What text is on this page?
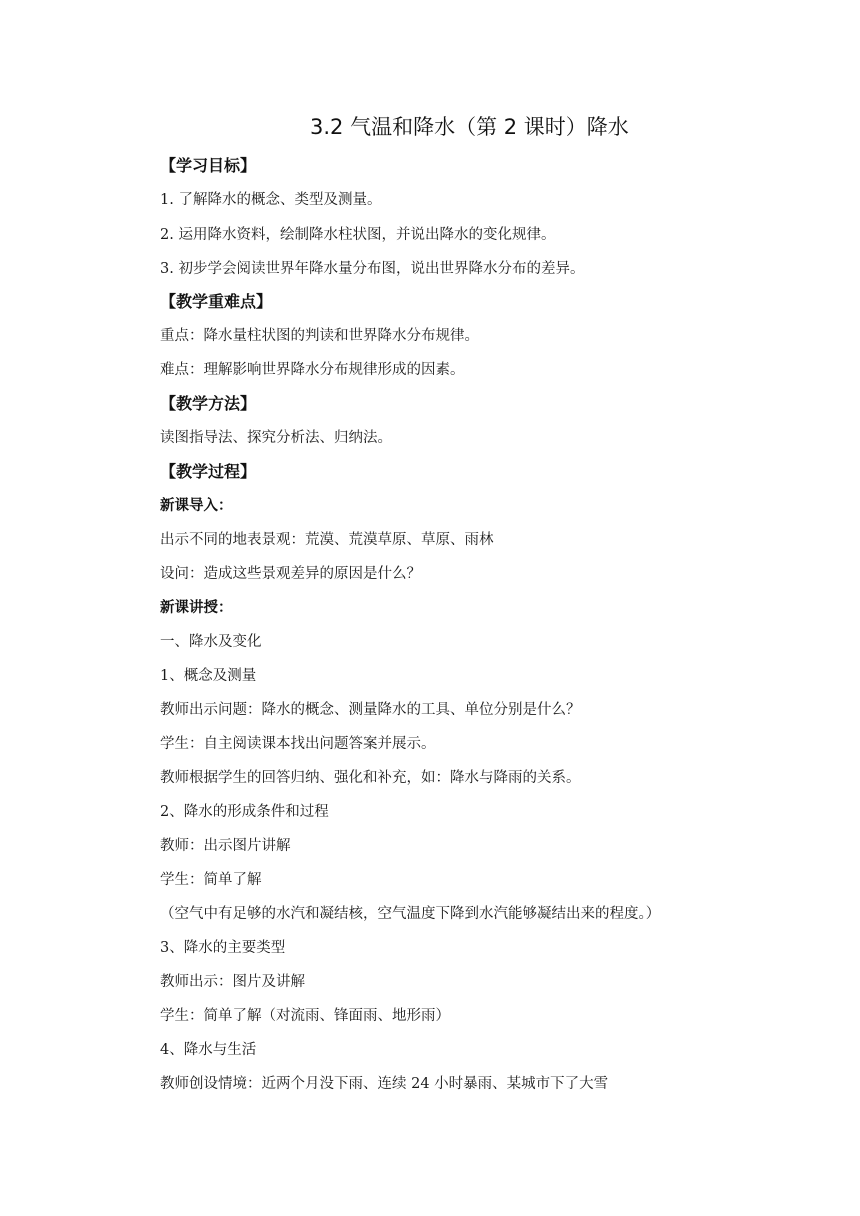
3.2 气温和降水（第 2 课时）降水
【学习目标】
1. 了解降水的概念、类型及测量。
2. 运用降水资料，绘制降水柱状图，并说出降水的变化规律。
3. 初步学会阅读世界年降水量分布图，说出世界降水分布的差异。
【教学重难点】
重点：降水量柱状图的判读和世界降水分布规律。
难点：理解影响世界降水分布规律形成的因素。
【教学方法】
读图指导法、探究分析法、归纳法。
【教学过程】
新课导入：
出示不同的地表景观：荒漠、荒漠草原、草原、雨林
设问：造成这些景观差异的原因是什么？
新课讲授：
一、降水及变化
1、概念及测量
教师出示问题：降水的概念、测量降水的工具、单位分别是什么？
学生：自主阅读课本找出问题答案并展示。
教师根据学生的回答归纳、强化和补充，如：降水与降雨的关系。
2、降水的形成条件和过程
教师：出示图片讲解
学生：简单了解
（空气中有足够的水汽和凝结核，空气温度下降到水汽能够凝结出来的程度。）
3、降水的主要类型
教师出示：图片及讲解
学生：简单了解（对流雨、锋面雨、地形雨）
4、降水与生活
教师创设情境：近两个月没下雨、连续 24 小时暴雨、某城市下了大雪
